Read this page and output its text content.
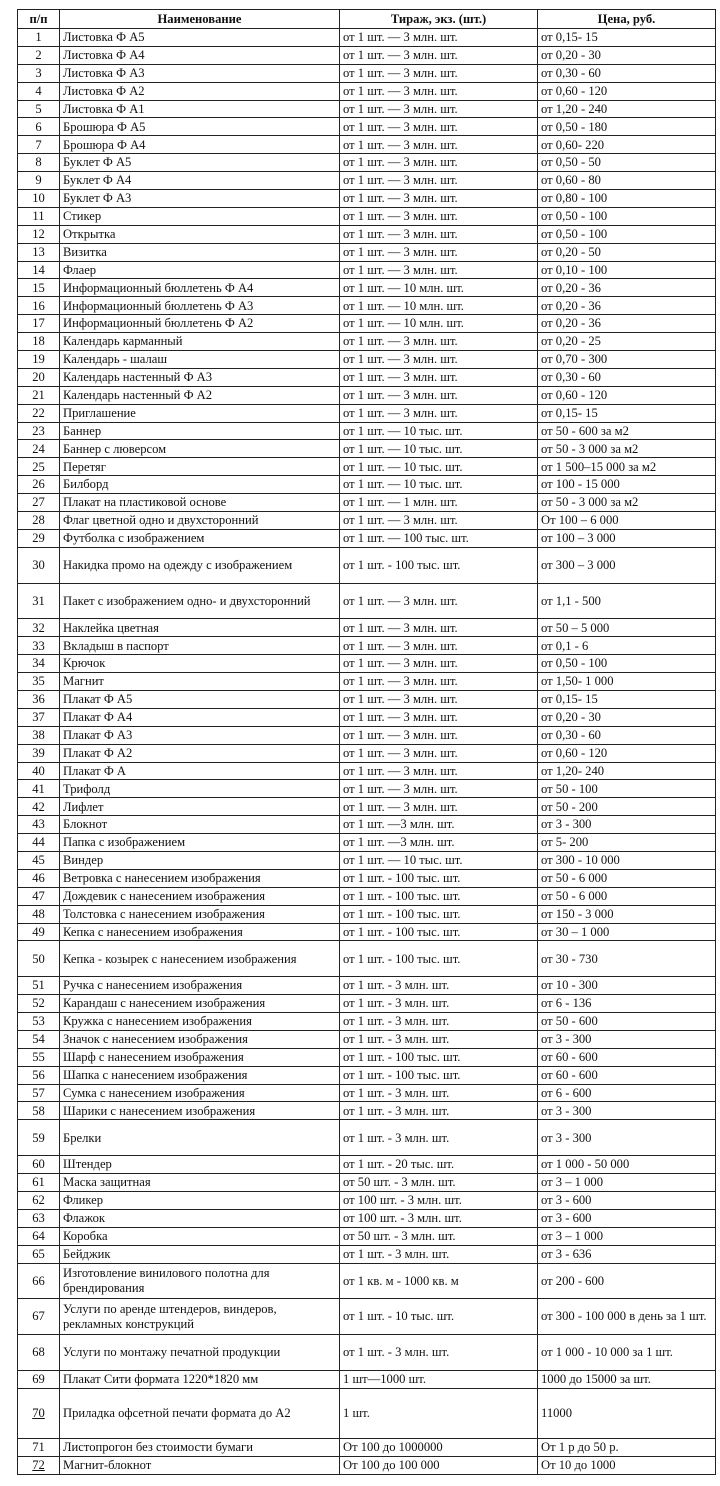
п/п	Наименование	Тираж, экз. (шт.)	Цена, руб.
1	Листовка Ф А5	от 1 шт. — 3 млн. шт.	от 0,15- 15
2	Листовка Ф А4	от 1 шт. — 3 млн. шт.	от 0,20 - 30
3	Листовка Ф А3	от 1 шт. — 3 млн. шт.	от 0,30 - 60
4	Листовка Ф А2	от 1 шт. — 3 млн. шт.	от 0,60 - 120
5	Листовка Ф А1	от 1 шт. — 3 млн. шт.	от 1,20 - 240
6	Брошюра Ф А5	от 1 шт. — 3 млн. шт.	от 0,50 - 180
7	Брошюра Ф А4	от 1 шт. — 3 млн. шт.	от 0,60- 220
8	Буклет Ф А5	от 1 шт. — 3 млн. шт.	от 0,50 - 50
9	Буклет Ф А4	от 1 шт. — 3 млн. шт.	от 0,60 - 80
10	Буклет Ф А3	от 1 шт. — 3 млн. шт.	от 0,80 - 100
11	Стикер	от 1 шт. — 3 млн. шт.	от 0,50 - 100
12	Открытка	от 1 шт. — 3 млн. шт.	от 0,50 - 100
13	Визитка	от 1 шт. — 3 млн. шт.	от 0,20 - 50
14	Флаер	от 1 шт. — 3 млн. шт.	от 0,10 - 100
15	Информационный бюллетень Ф А4	от 1 шт. — 10 млн. шт.	от 0,20 - 36
16	Информационный бюллетень Ф А3	от 1 шт. — 10 млн. шт.	от 0,20 - 36
17	Информационный бюллетень Ф А2	от 1 шт. — 10 млн. шт.	от 0,20 - 36
18	Календарь карманный	от 1 шт. — 3 млн. шт.	от 0,20 - 25
19	Календарь - шалаш	от 1 шт. — 3 млн. шт.	от 0,70 - 300
20	Календарь настенный Ф А3	от 1 шт. — 3 млн. шт.	от 0,30 - 60
21	Календарь настенный Ф А2	от 1 шт. — 3 млн. шт.	от 0,60 - 120
22	Приглашение	от 1 шт. — 3 млн. шт.	от 0,15- 15
23	Баннер	от 1 шт. — 10 тыс. шт.	от 50 - 600 за м2
24	Баннер с люверсом	от 1 шт. — 10 тыс. шт.	от 50 - 3 000 за м2
25	Перетяг	от 1 шт. — 10 тыс. шт.	от 1 500–15 000 за м2
26	Билборд	от 1 шт. — 10 тыс. шт.	от 100 - 15 000
27	Плакат на пластиковой основе	от 1 шт. — 1 млн. шт.	от 50 - 3 000 за м2
28	Флаг цветной одно и двухсторонний	от 1 шт. — 3 млн. шт.	От 100 – 6 000
29	Футболка с изображением	от 1 шт. — 100 тыс. шт.	от 100 – 3 000
30	Накидка промо на одежду с изображением	от 1 шт. - 100 тыс. шт.	от 300 – 3 000
31	Пакет с изображением одно- и двухсторонний	от 1 шт. — 3 млн. шт.	от 1,1 - 500
32	Наклейка цветная	от 1 шт. — 3 млн. шт.	от 50 – 5 000
33	Вкладыш в паспорт	от 1 шт. — 3 млн. шт.	от 0,1 - 6
34	Крючок	от 1 шт. — 3 млн. шт.	от 0,50 - 100
35	Магнит	от 1 шт. — 3 млн. шт.	от 1,50- 1 000
36	Плакат Ф А5	от 1 шт. — 3 млн. шт.	от 0,15- 15
37	Плакат Ф А4	от 1 шт. — 3 млн. шт.	от 0,20 - 30
38	Плакат Ф А3	от 1 шт. — 3 млн. шт.	от 0,30 - 60
39	Плакат Ф А2	от 1 шт. — 3 млн. шт.	от 0,60 - 120
40	Плакат Ф А	от 1 шт. — 3 млн. шт.	от 1,20- 240
41	Трифолд	от 1 шт. — 3 млн. шт.	от 50 - 100
42	Лифлет	от 1 шт. — 3 млн. шт.	от 50 - 200
43	Блокнот	от 1 шт. —3 млн. шт.	от 3 - 300
44	Папка с изображением	от 1 шт. —3 млн. шт.	от 5- 200
45	Виндер	от 1 шт. — 10 тыс. шт.	от 300 - 10 000
46	Ветровка с нанесением изображения	от 1 шт. - 100 тыс. шт.	от 50 - 6 000
47	Дождевик с нанесением изображения	от 1 шт. - 100 тыс. шт.	от 50 - 6 000
48	Толстовка с нанесением изображения	от 1 шт. - 100 тыс. шт.	от 150 - 3 000
49	Кепка с нанесением изображения	от 1 шт. - 100 тыс. шт.	от 30 – 1 000
50	Кепка - козырек с нанесением изображения	от 1 шт. - 100 тыс. шт.	от 30 - 730
51	Ручка с нанесением изображения	от 1 шт. - 3 млн. шт.	от 10 - 300
52	Карандаш с нанесением изображения	от 1 шт. - 3 млн. шт.	от 6 - 136
53	Кружка с нанесением изображения	от 1 шт. - 3 млн. шт.	от 50 - 600
54	Значок с нанесением изображения	от 1 шт. - 3 млн. шт.	от 3 - 300
55	Шарф с нанесением изображения	от 1 шт. - 100 тыс. шт.	от 60 - 600
56	Шапка с нанесением изображения	от 1 шт. - 100 тыс. шт.	от 60 - 600
57	Сумка с нанесением изображения	от 1 шт. - 3 млн. шт.	от 6 - 600
58	Шарики с нанесением изображения	от 1 шт. - 3 млн. шт.	от 3 - 300
59	Брелки	от 1 шт. - 3 млн. шт.	от 3 - 300
60	Штендер	от 1 шт. - 20 тыс. шт.	от 1 000 - 50 000
61	Маска защитная	от 50 шт. - 3 млн. шт.	от 3 – 1 000
62	Фликер	от 100 шт. - 3 млн. шт.	от 3 - 600
63	Флажок	от 100 шт. - 3 млн. шт.	от 3 - 600
64	Коробка	от 50 шт. - 3 млн. шт.	от 3 – 1 000
65	Бейджик	от 1 шт. - 3 млн. шт.	от 3 - 636
66	Изготовление винилового полотна для брендирования	от 1 кв. м - 1000 кв. м	от 200 - 600
67	Услуги по аренде штендеров, виндеров, рекламных конструкций	от 1 шт. - 10 тыс. шт.	от 300 - 100 000 в день за 1 шт.
68	Услуги по монтажу печатной продукции	от 1 шт. - 3 млн. шт.	от 1 000 - 10 000 за 1 шт.
69	Плакат Сити формата 1220*1820 мм	1 шт—1000 шт.	1000 до 15000 за шт.
70	Приладка офсетной печати формата до А2	1 шт.	11000
71	Листопрогон без стоимости бумаги	От 100 до 1000000	От 1 р до 50 р.
72	Магнит-блокнот	От 100 до 100 000	От 10 до 1000
